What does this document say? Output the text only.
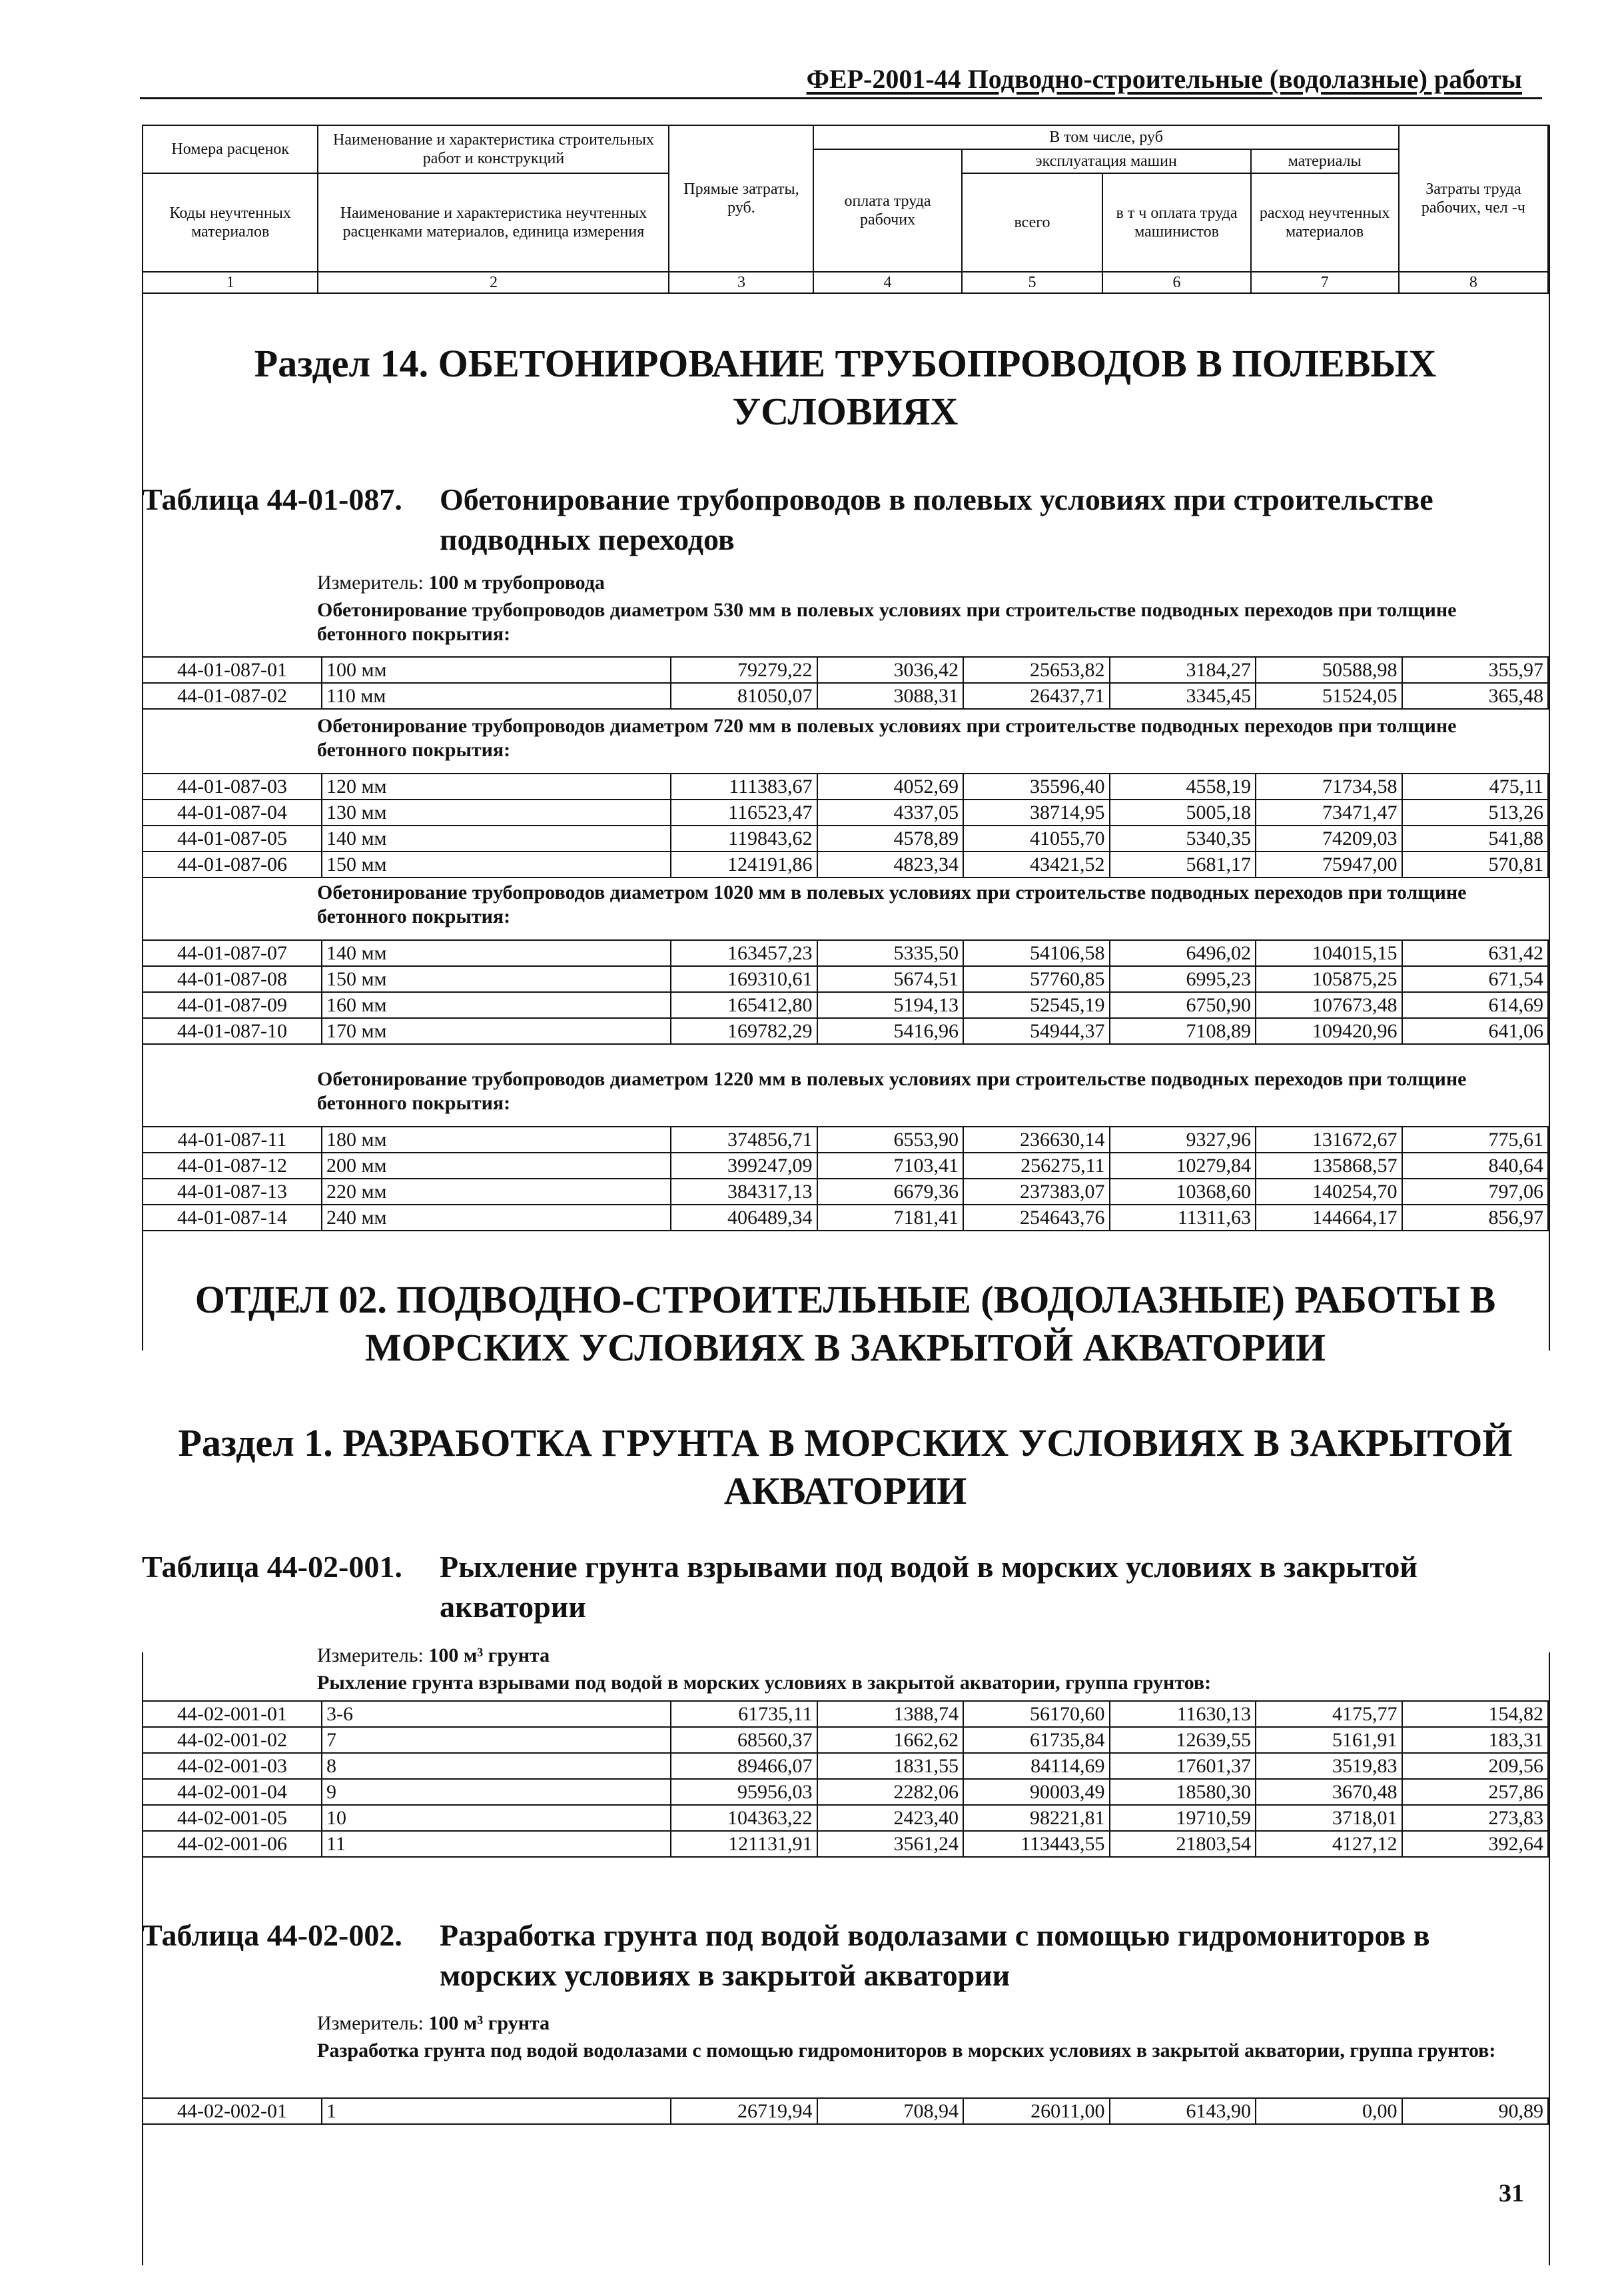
ФЕР-2001-44 Подводно-строительные (водолазные) работы
Номера расценок	Наименование и характеристика строительных работ и конструкций	Прямые затраты, руб.	В том числе, руб				Затраты труда рабочих, чел -ч
			оплата труда рабочих	эксплуатация машин		материалы	
Коды неучтенных материалов	Наименование и характеристика неучтенных расценками материалов, единица измерения			всего	в т ч оплата труда машинистов	расход неучтенных материалов	
1	2	3	4	5	6	7	8
Раздел 14. ОБЕТОНИРОВАНИЕ ТРУБОПРОВОДОВ В ПОЛЕВЫХ
УСЛОВИЯХ
Таблица 44-01-087. Обетонирование трубопроводов в полевых условиях при строительстве
подводных переходов
Измеритель: 100 м трубопровода
Обетонирование трубопроводов диаметром 530 мм в полевых условиях при строительстве подводных переходов при толщине бетонного покрытия:
44-01-087-01	100 мм	79279,22	3036,42	25653,82	3184,27	50588,98	355,97
44-01-087-02	110 мм	81050,07	3088,31	26437,71	3345,45	51524,05	365,48
Обетонирование трубопроводов диаметром 720 мм в полевых условиях при строительстве подводных переходов при толщине бетонного покрытия:
44-01-087-03	120 мм	111383,67	4052,69	35596,40	4558,19	71734,58	475,11
44-01-087-04	130 мм	116523,47	4337,05	38714,95	5005,18	73471,47	513,26
44-01-087-05	140 мм	119843,62	4578,89	41055,70	5340,35	74209,03	541,88
44-01-087-06	150 мм	124191,86	4823,34	43421,52	5681,17	75947,00	570,81
Обетонирование трубопроводов диаметром 1020 мм в полевых условиях при строительстве подводных переходов при толщине бетонного покрытия:
44-01-087-07	140 мм	163457,23	5335,50	54106,58	6496,02	104015,15	631,42
44-01-087-08	150 мм	169310,61	5674,51	57760,85	6995,23	105875,25	671,54
44-01-087-09	160 мм	165412,80	5194,13	52545,19	6750,90	107673,48	614,69
44-01-087-10	170 мм	169782,29	5416,96	54944,37	7108,89	109420,96	641,06
Обетонирование трубопроводов диаметром 1220 мм в полевых условиях при строительстве подводных переходов при толщине бетонного покрытия:
44-01-087-11	180 мм	374856,71	6553,90	236630,14	9327,96	131672,67	775,61
44-01-087-12	200 мм	399247,09	7103,41	256275,11	10279,84	135868,57	840,64
44-01-087-13	220 мм	384317,13	6679,36	237383,07	10368,60	140254,70	797,06
44-01-087-14	240 мм	406489,34	7181,41	254643,76	11311,63	144664,17	856,97
ОТДЕЛ 02. ПОДВОДНО-СТРОИТЕЛЬНЫЕ (ВОДОЛАЗНЫЕ) РАБОТЫ В
МОРСКИХ УСЛОВИЯХ В ЗАКРЫТОЙ АКВАТОРИИ
Раздел 1. РАЗРАБОТКА ГРУНТА В МОРСКИХ УСЛОВИЯХ В ЗАКРЫТОЙ
АКВАТОРИИ
Таблица 44-02-001. Рыхление грунта взрывами под водой в морских условиях в закрытой
акватории
Измеритель: 100 м³ грунта
Рыхление грунта взрывами под водой в морских условиях в закрытой акватории, группа грунтов:
44-02-001-01	3-6	61735,11	1388,74	56170,60	11630,13	4175,77	154,82
44-02-001-02	7	68560,37	1662,62	61735,84	12639,55	5161,91	183,31
44-02-001-03	8	89466,07	1831,55	84114,69	17601,37	3519,83	209,56
44-02-001-04	9	95956,03	2282,06	90003,49	18580,30	3670,48	257,86
44-02-001-05	10	104363,22	2423,40	98221,81	19710,59	3718,01	273,83
44-02-001-06	11	121131,91	3561,24	113443,55	21803,54	4127,12	392,64
Таблица 44-02-002. Разработка грунта под водой водолазами с помощью гидромониторов в
морских условиях в закрытой акватории
Измеритель: 100 м³ грунта
Разработка грунта под водой водолазами с помощью гидромониторов в морских условиях в закрытой акватории, группа грунтов:
44-02-002-01	1	26719,94	708,94	26011,00	6143,90	0,00	90,89
31
